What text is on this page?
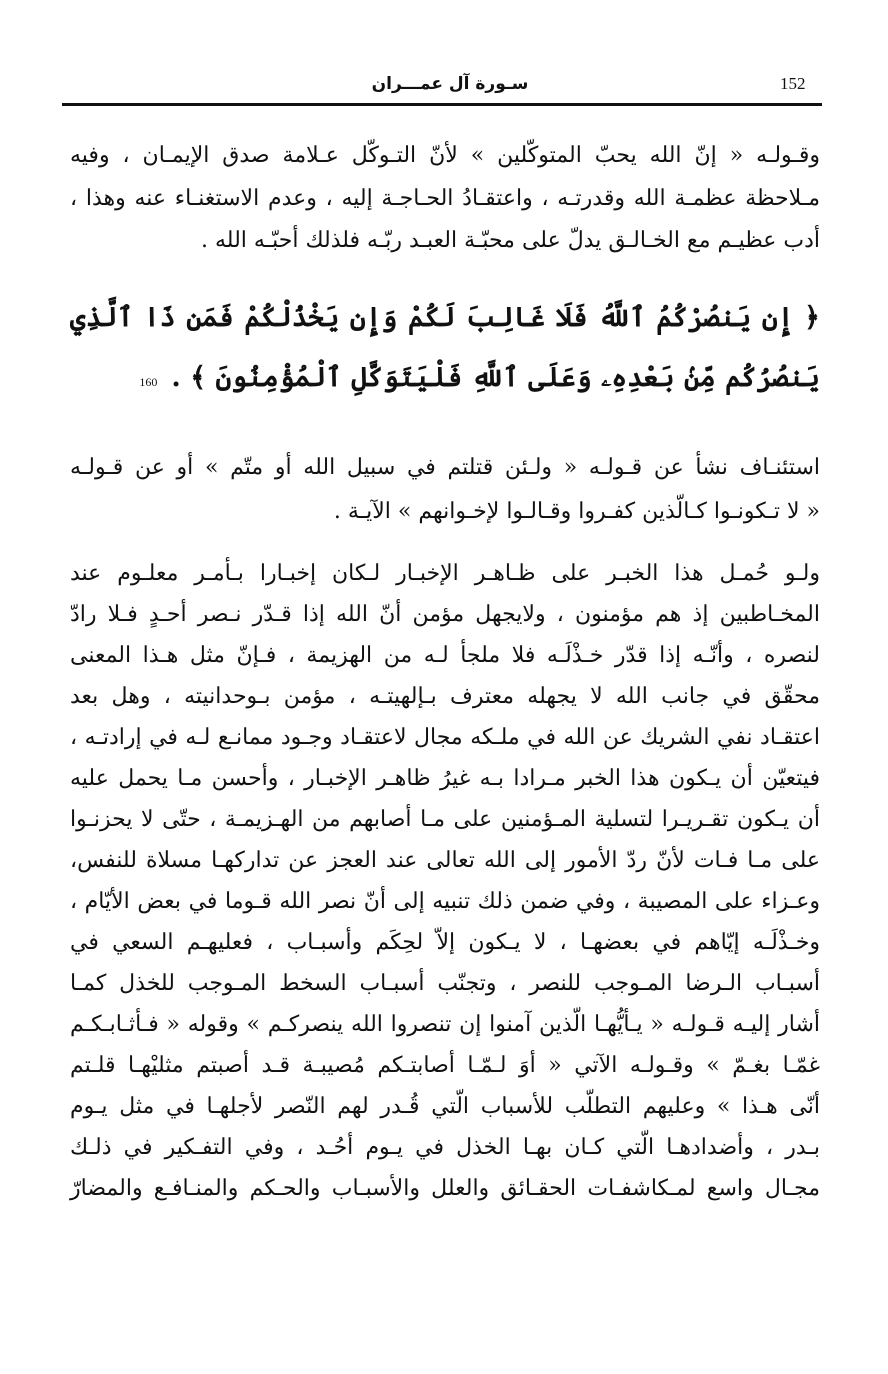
152
سـورة آل عمـــران
وقـولـه « إنّ الله يحبّ المتوكّلين » لأنّ التـوكّل عـلامة صدق الإيمـان ، وفيه
مـلاحظة عظمـة الله وقدرتـه ، واعتقـادُ الحـاجـة إليه ، وعدم الاستغنـاء عنه وهذا ،
أدب عظيـم مع الخـالـق يدلّ على محبّـة العبـد ربّـه فلذلك أحبّـه الله .
﴿ إِن يَنصُرْكُمُ ٱللَّهُ فَلَا غَالِبَ لَكُمْ وَإِن يَخْذُلْكُمْ فَمَن ذَا ٱلَّذِي
يَنصُرُكُم مِّنۢ بَعْدِهِۦ وَعَلَى ٱللَّهِ فَلْيَتَوَكَّلِ ٱلْمُؤْمِنُونَ ﴾ .
160
استئنـاف نشأ عن قـولـه « ولـئن قتلتم في سبيل الله أو متّم » أو عن قـولـه
« لا تـكونـوا كـالّذين كفـروا وقـالـوا لإخـوانهم » الآيـة .
ولـو حُمـل هذا الخبـر على ظـاهـر الإخبـار لـكان إخبـارا بـأمـر معلـوم عند
المخـاطبين إذ هم مؤمنون ، ولايجهل مؤمن أنّ الله إذا قـدّر نـصر أحـدٍ فـلا رادّ
لنصره ، وأنّـه إذا قدّر خـذْلَـه فلا ملجأ لـه من الهزيمة ، فـإنّ مثل هـذا المعنى
محقّق في جانب الله لا يجهله معترف بـإلهيتـه ، مؤمن بـوحدانيته ، وهل بعد
اعتقـاد نفي الشريك عن الله في ملـكه مجال لاعتقـاد وجـود ممانـع لـه في إرادتـه ،
فيتعيّن أن يـكون هذا الخبر مـرادا بـه غيرُ ظاهـر الإخبـار ، وأحسن مـا يحمل عليه
أن يـكون تقـريـرا لتسلية المـؤمنين على مـا أصابهم من الهـزيمـة ، حتّى لا يحزنـوا
على مـا فـات لأنّ ردّ الأمور إلى الله تعالى عند العجز عن تداركهـا مسلاة للنفس،
وعـزاء على المصيبة ، وفي ضمن ذلك تنبيه إلى أنّ نصر الله قـوما في بعض الأيّام ،
وخـذْلَـه إيّاهم في بعضهـا ، لا يـكون إلاّ لحِكَم وأسبـاب ، فعليهـم السعي في
أسبـاب الـرضا المـوجب للنصر ، وتجنّب أسبـاب السخط المـوجب للخذل كمـا
أشار إليـه قـولـه « يـأيُّهـا الّذين آمنوا إن تنصروا الله ينصركـم » وقوله « فـأثـابـكـم
غمّـا بغـمّ » وقـولـه الآتي « أوَ لـمّـا أصابتـكم مُصيبـة قـد أصبتم مثليْهـا قلـتم
أنّى هـذا » وعليهم التطلّب للأسباب الّتي قُـدر لهم النّصر لأجلهـا في مثل يـوم
بـدر ، وأضدادهـا الّتي كـان بهـا الخذل في يـوم أحُـد ، وفي التفـكير في ذلـك
مجـال واسع لمـكاشفـات الحقـائق والعلل والأسبـاب والحـكم والمنـافـع والمضارّ
